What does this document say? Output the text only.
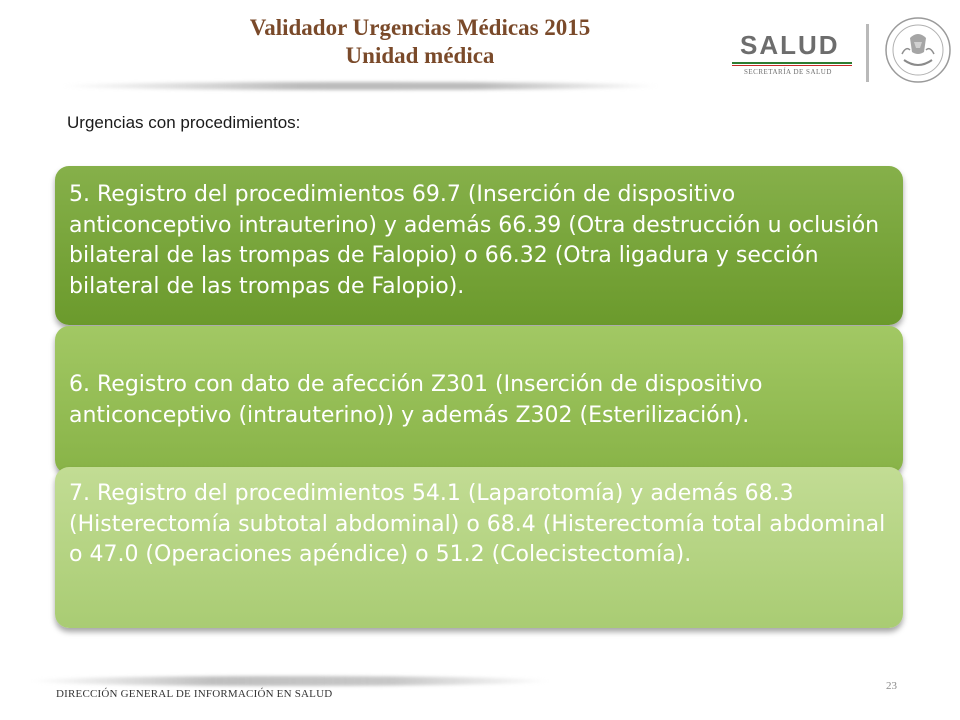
Validador Urgencias Médicas 2015
Unidad médica	SALUD
SECRETARÍA DE SALUD
Urgencias con procedimientos:
5. Registro del procedimientos 69.7 (Inserción de dispositivo anticonceptivo intrauterino) y además 66.39 (Otra destrucción u oclusión bilateral de las trompas de Falopio) o 66.32 (Otra ligadura y sección bilateral de las trompas de Falopio).
6. Registro con dato de afección Z301 (Inserción de dispositivo anticonceptivo (intrauterino)) y además Z302 (Esterilización).
7. Registro del procedimientos 54.1 (Laparotomía) y además 68.3 (Histerectomía subtotal abdominal) o 68.4 (Histerectomía total abdominal o 47.0 (Operaciones apéndice) o 51.2 (Colecistectomía).
DIRECCIÓN GENERAL DE INFORMACIÓN EN SALUD
23
